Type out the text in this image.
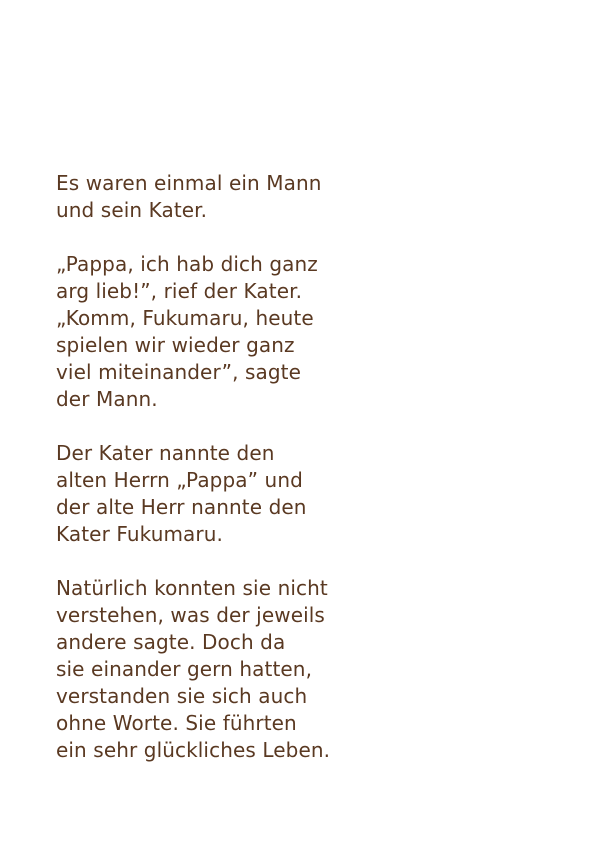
Es waren einmal ein Mann
und sein Kater.

„Pappa, ich hab dich ganz
arg lieb!”, rief der Kater.
„Komm, Fukumaru, heute
spielen wir wieder ganz
viel miteinander”, sagte
der Mann.

Der Kater nannte den
alten Herrn „Pappa” und
der alte Herr nannte den
Kater Fukumaru.

Natürlich konnten sie nicht
verstehen, was der jeweils
andere sagte. Doch da
sie einander gern hatten,
verstanden sie sich auch
ohne Worte. Sie führten
ein sehr glückliches Leben.
